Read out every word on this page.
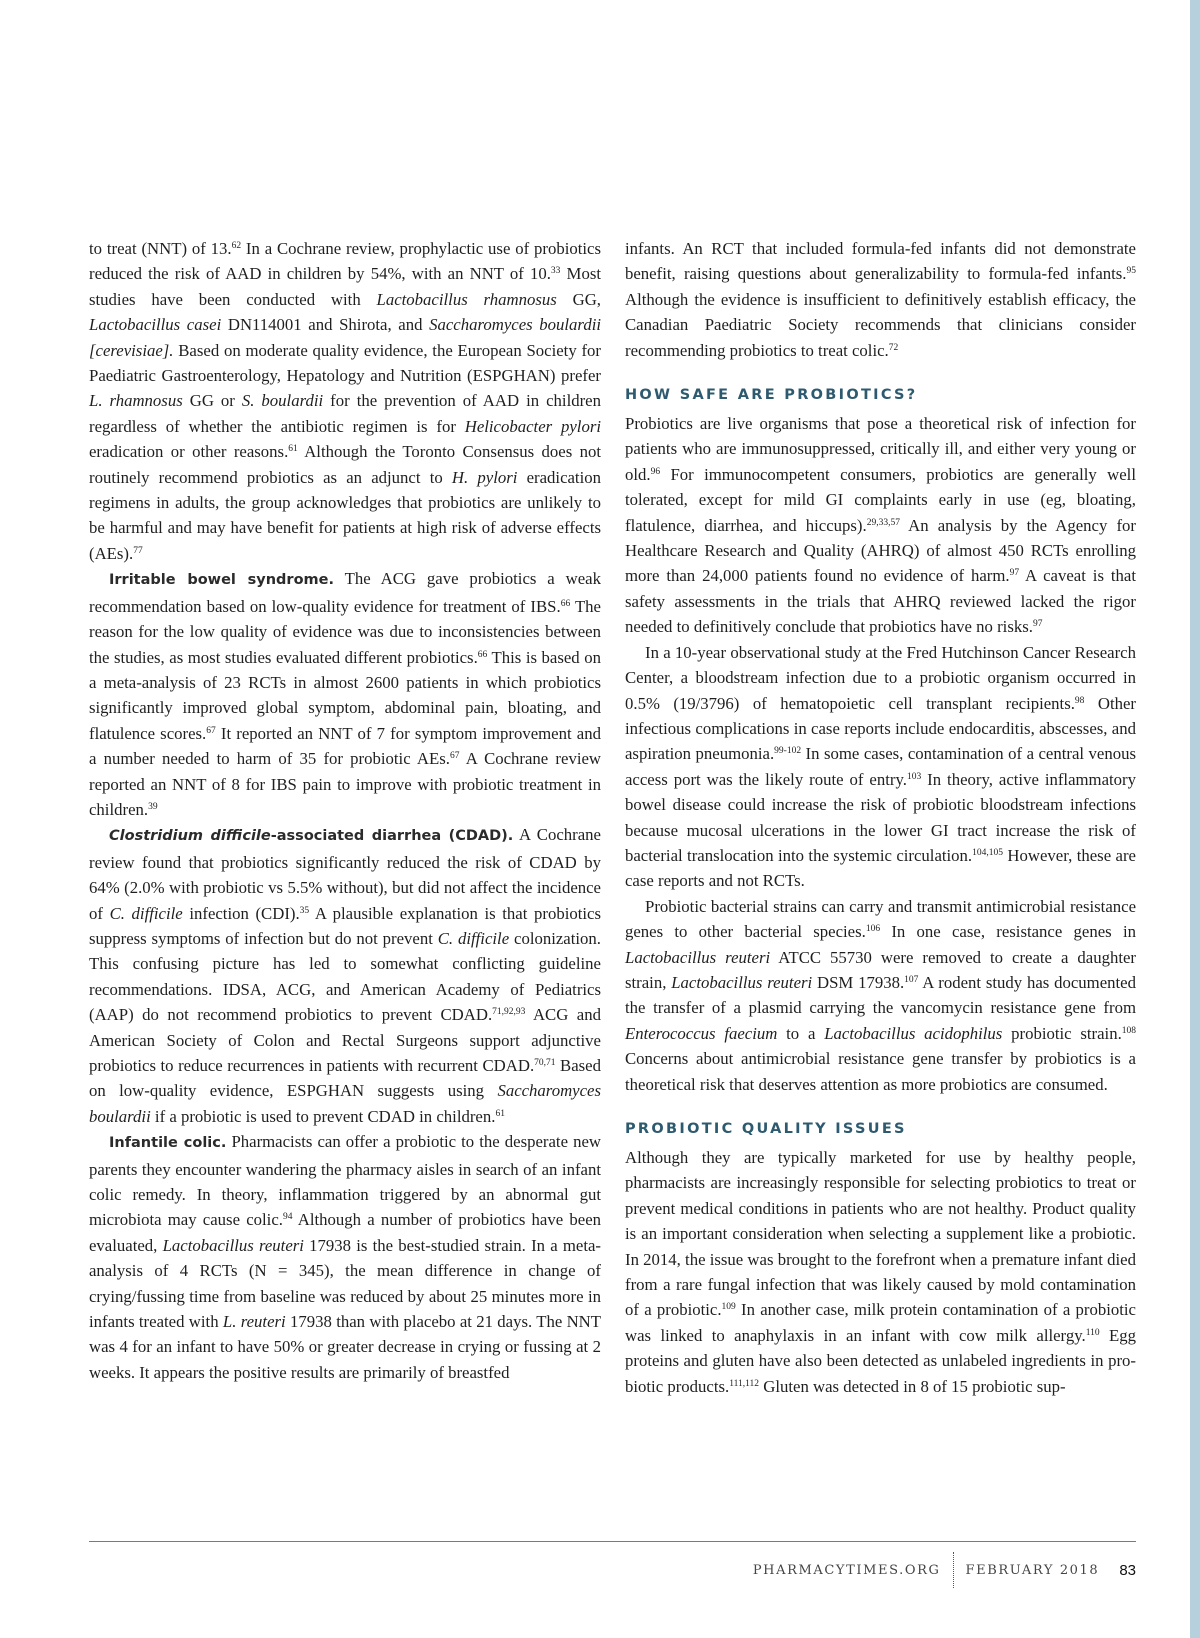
to treat (NNT) of 13.62 In a Cochrane review, prophylactic use of probiotics reduced the risk of AAD in children by 54%, with an NNT of 10.33 Most studies have been conducted with Lactobacillus rhamnosus GG, Lactobacillus casei DN114001 and Shirota, and Saccharomyces boulardii [cerevisiae]. Based on moderate quality evidence, the European Society for Paediatric Gastroenterology, Hepatology and Nutrition (ESPGHAN) prefer L. rhamnosus GG or S. boulardii for the prevention of AAD in children regardless of whether the antibiotic regimen is for Helicobacter pylori eradication or other reasons.$^{61}$ Although the Toronto Consensus does not routinely recommend probiotics as an adjunct to H. pylori eradication regimens in adults, the group acknowledges that probiotics are unlikely to be harmful and may have benefit for patients at high risk of adverse effects (AEs).$^{77}$

Irritable bowel syndrome. The ACG gave probiotics a weak recommendation based on low-quality evidence for treatment of IBS.$^{66}$ The reason for the low quality of evidence was due to inconsistencies between the studies, as most studies evaluated different probiotics.$^{66}$ This is based on a meta-analysis of 23 RCTs in almost 2600 patients in which probiotics significantly improved global symptom, abdominal pain, bloating, and flatulence scores.$^{67}$ It reported an NNT of 7 for symptom improvement and a number needed to harm of 35 for probiotic AEs.$^{67}$ A Cochrane review reported an NNT of 8 for IBS pain to improve with probiotic treatment in children.$^{39}$

Clostridium difficile-associated diarrhea (CDAD). A Cochrane review found that probiotics significantly reduced the risk of CDAD by 64% (2.0% with probiotic vs 5.5% without), but did not affect the incidence of C. difficile infection (CDI).$^{35}$ A plausible explanation is that probiotics suppress symptoms of infection but do not prevent C. difficile colonization. This confusing picture has led to somewhat conflicting guideline recommendations. IDSA, ACG, and American Academy of Pediatrics (AAP) do not recommend probiotics to prevent CDAD.$^{71,92,93}$ ACG and American Society of Colon and Rectal Surgeons support adjunctive probiotics to reduce recurrences in patients with recurrent CDAD.$^{70,71}$ Based on low-quality evidence, ESPGHAN suggests using Saccharomyces boulardii if a probiotic is used to prevent CDAD in children.$^{61}$

Infantile colic. Pharmacists can offer a probiotic to the desperate new parents they encounter wandering the pharmacy aisles in search of an infant colic remedy. In theory, inflammation triggered by an abnormal gut microbiota may cause colic.$^{94}$ Although a number of probiotics have been evaluated, Lactobacillus reuteri 17938 is the best-studied strain. In a meta-analysis of 4 RCTs (N = 345), the mean difference in change of crying/fussing time from baseline was reduced by about 25 minutes more in infants treated with L. reuteri 17938 than with placebo at 21 days. The NNT was 4 for an infant to have 50% or greater decrease in crying or fussing at 2 weeks. It appears the positive results are primarily of breastfed

infants. An RCT that included formula-fed infants did not demonstrate benefit, raising questions about generalizability to formula-fed infants.$^{95}$ Although the evidence is insufficient to definitively establish efficacy, the Canadian Paediatric Society recommends that clinicians consider recommending probiotics to treat colic.$^{72}$

HOW SAFE ARE PROBIOTICS?

Probiotics are live organisms that pose a theoretical risk of infection for patients who are immunosuppressed, critically ill, and either very young or old.$^{96}$ For immunocompetent consumers, probiotics are generally well tolerated, except for mild GI complaints early in use (eg, bloating, flatulence, diarrhea, and hiccups).$^{29,33,57}$ An analysis by the Agency for Healthcare Research and Quality (AHRQ) of almost 450 RCTs enrolling more than 24,000 patients found no evidence of harm.$^{97}$ A caveat is that safety assessments in the trials that AHRQ reviewed lacked the rigor needed to definitively conclude that probiotics have no risks.$^{97}$

In a 10-year observational study at the Fred Hutchinson Cancer Research Center, a bloodstream infection due to a probiotic organism occurred in 0.5% (19/3796) of hematopoietic cell transplant recipients.$^{98}$ Other infectious complications in case reports include endocarditis, abscesses, and aspiration pneumonia.$^{99-102}$ In some cases, contamination of a central venous access port was the likely route of entry.$^{103}$ In theory, active inflammatory bowel disease could increase the risk of probiotic bloodstream infections because mucosal ulcerations in the lower GI tract increase the risk of bacterial translocation into the systemic circulation.$^{104,105}$ However, these are case reports and not RCTs.

Probiotic bacterial strains can carry and transmit antimicrobial resistance genes to other bacterial species.$^{106}$ In one case, resistance genes in Lactobacillus reuteri ATCC 55730 were removed to create a daughter strain, Lactobacillus reuteri DSM 17938.$^{107}$ A rodent study has documented the transfer of a plasmid carrying the vancomycin resistance gene from Enterococcus faecium to a Lactobacillus acidophilus probiotic strain.$^{108}$ Concerns about antimicrobial resistance gene transfer by probiotics is a theoretical risk that deserves attention as more probiotics are consumed.

PROBIOTIC QUALITY ISSUES

Although they are typically marketed for use by healthy people, pharmacists are increasingly responsible for selecting probiotics to treat or prevent medical conditions in patients who are not healthy. Product quality is an important consideration when selecting a supplement like a probiotic. In 2014, the issue was brought to the forefront when a premature infant died from a rare fungal infection that was likely caused by mold contamination of a probiotic.$^{109}$ In another case, milk protein contamination of a probiotic was linked to anaphylaxis in an infant with cow milk allergy.$^{110}$ Egg proteins and gluten have also been detected as unlabeled ingredients in probiotic products.$^{111,112}$ Gluten was detected in 8 of 15 probiotic sup-

PHARMACYTIMES.ORG FEBRUARY 2018 83
